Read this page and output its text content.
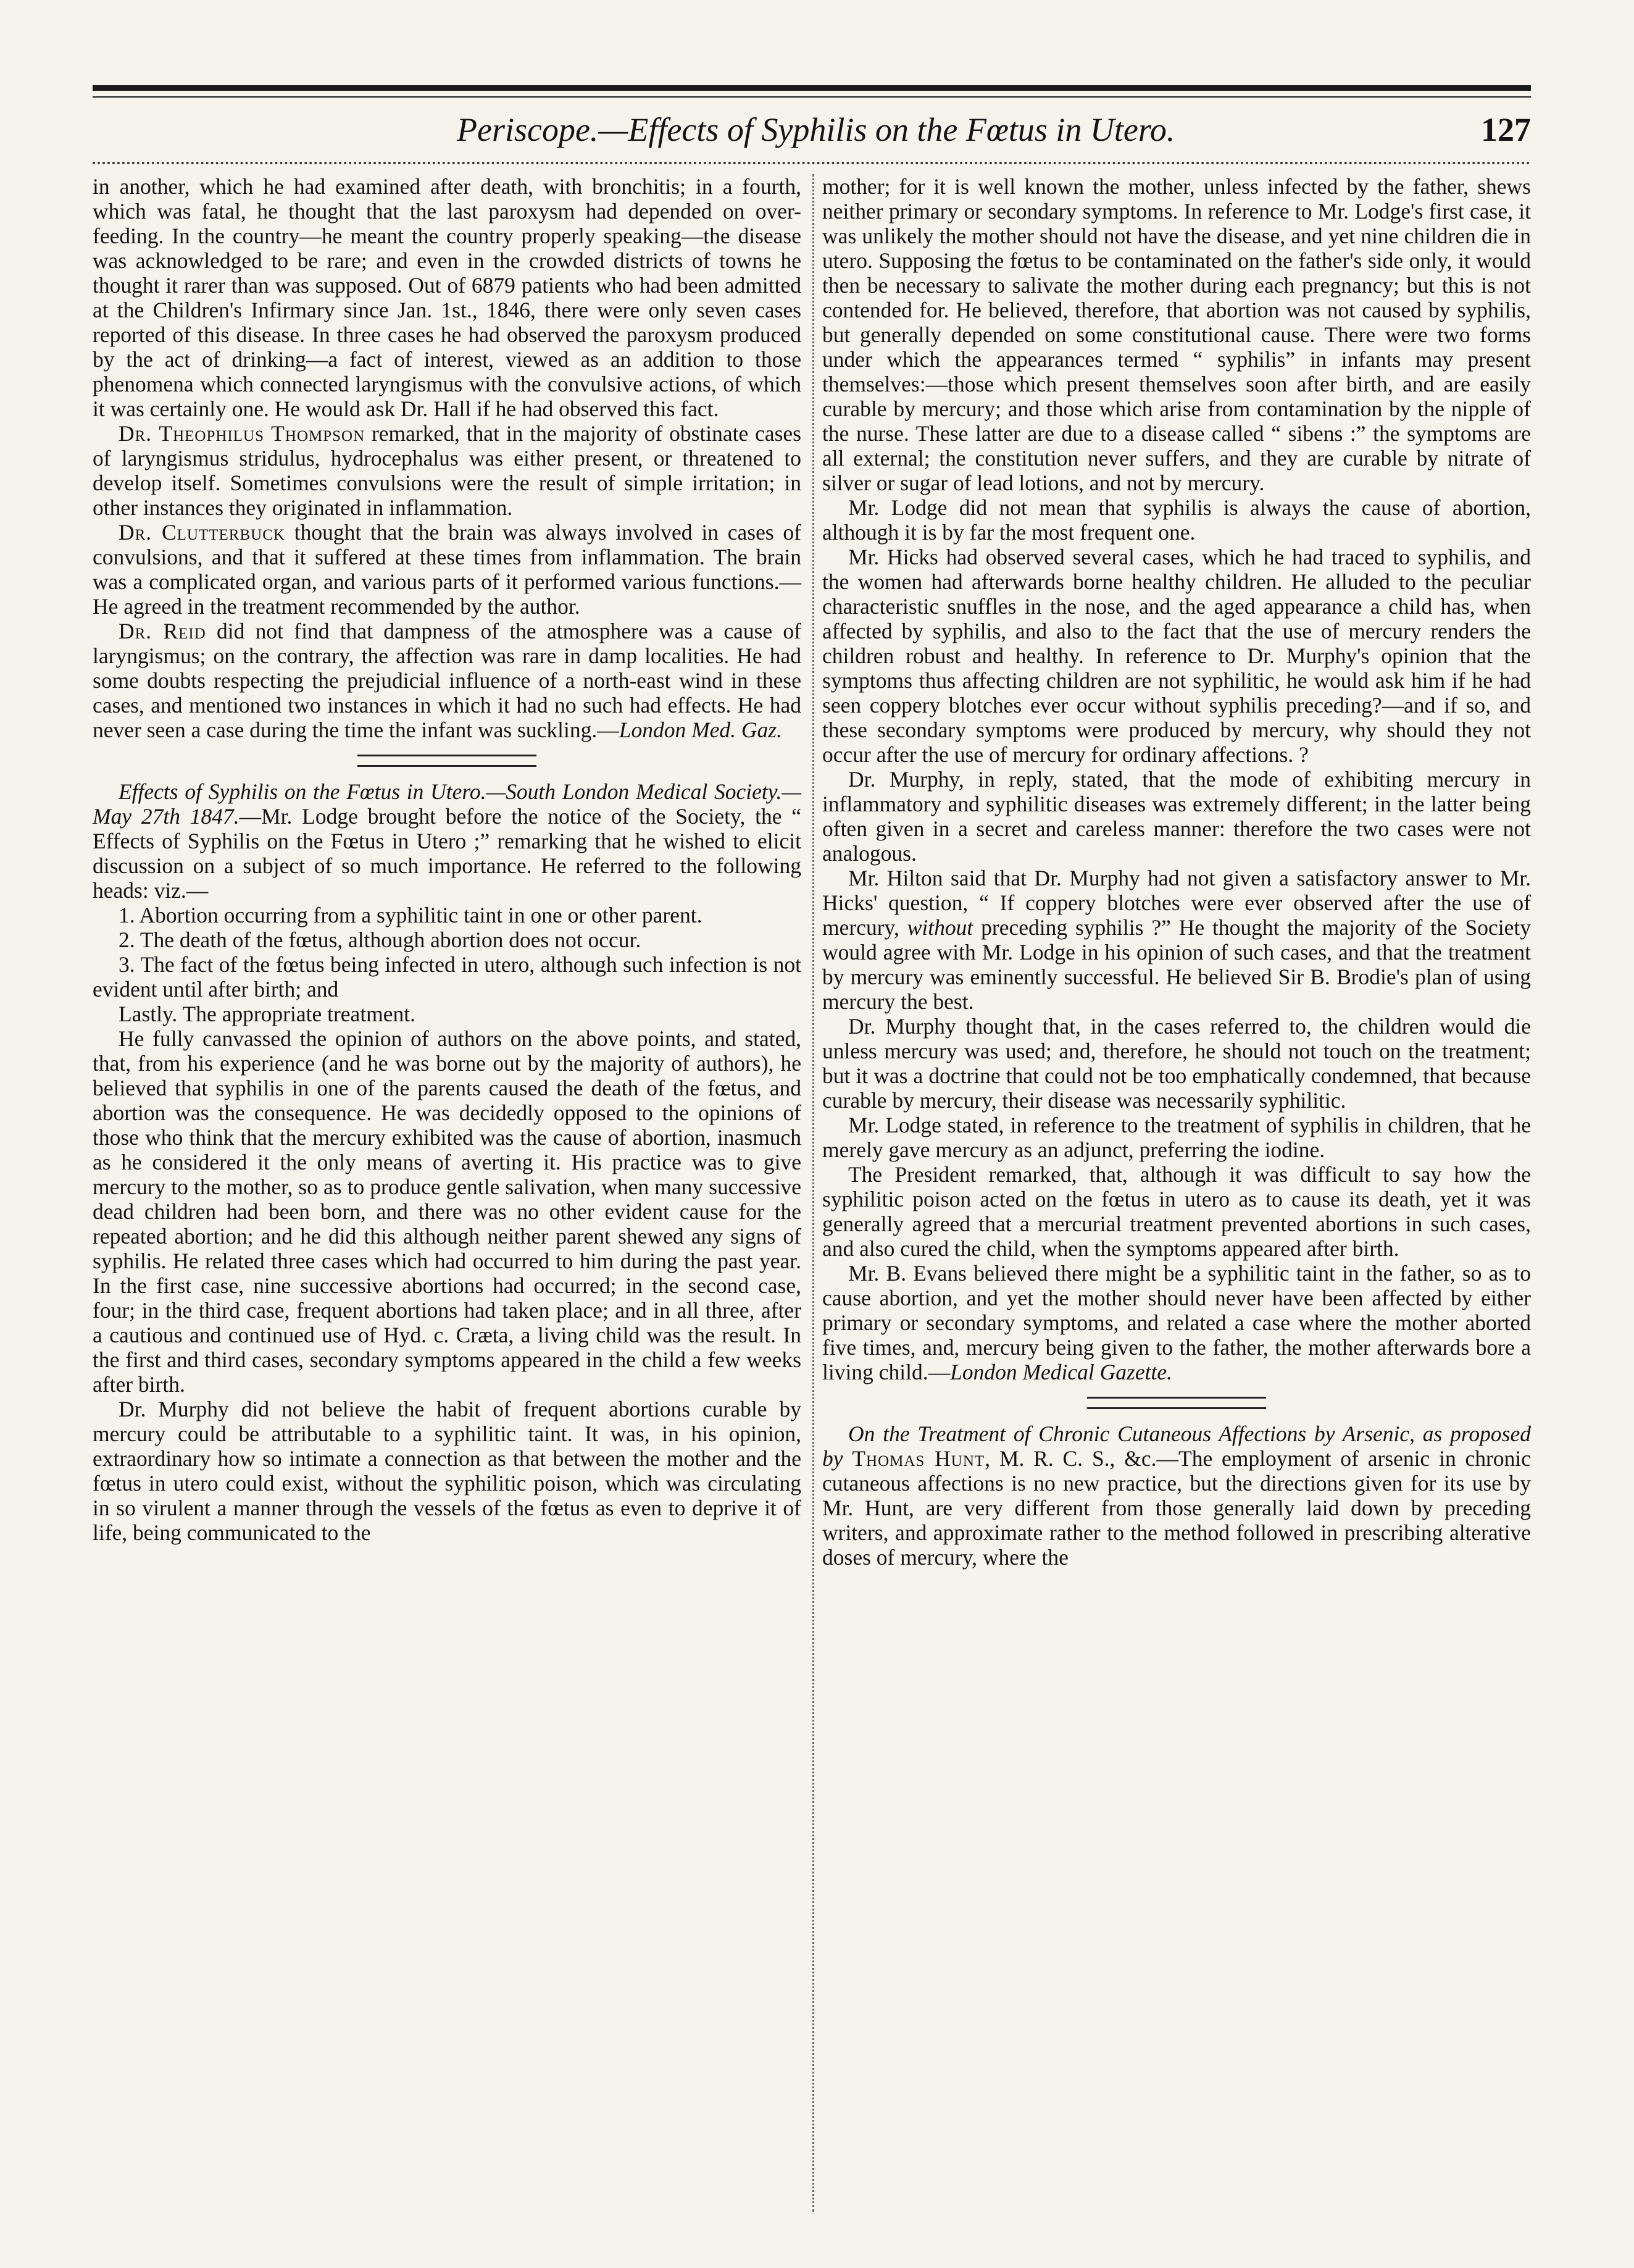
Periscope.—Effects of Syphilis on the Fœtus in Utero.	127

in another, which he had examined after death, with bronchitis; in a fourth, which was fatal, he thought that the last paroxysm had depended on over-feeding. In the country—he meant the country properly speaking—the disease was acknowledged to be rare; and even in the crowded districts of towns he thought it rarer than was supposed. Out of 6879 patients who had been admitted at the Children's Infirmary since Jan. 1st., 1846, there were only seven cases reported of this disease. In three cases he had observed the paroxysm produced by the act of drinking—a fact of interest, viewed as an addition to those phenomena which connected laryngismus with the convulsive actions, of which it was certainly one. He would ask Dr. Hall if he had observed this fact.

Dr. Theophilus Thompson remarked, that in the majority of obstinate cases of laryngismus stridulus, hydrocephalus was either present, or threatened to develop itself. Sometimes convulsions were the result of simple irritation; in other instances they originated in inflammation.

Dr. Clutterbuck thought that the brain was always involved in cases of convulsions, and that it suffered at these times from inflammation. The brain was a complicated organ, and various parts of it performed various functions.—He agreed in the treatment recommended by the author.

Dr. Reid did not find that dampness of the atmosphere was a cause of laryngismus; on the contrary, the affection was rare in damp localities. He had some doubts respecting the prejudicial influence of a north-east wind in these cases, and mentioned two instances in which it had no such had effects. He had never seen a case during the time the infant was suckling.—London Med. Gaz.

Effects of Syphilis on the Fœtus in Utero.—South London Medical Society.—May 27th 1847.—Mr. Lodge brought before the notice of the Society, the “ Effects of Syphilis on the Fœtus in Utero ;” remarking that he wished to elicit discussion on a subject of so much importance. He referred to the following heads: viz.—

1. Abortion occurring from a syphilitic taint in one or other parent.

2. The death of the fœtus, although abortion does not occur.

3. The fact of the fœtus being infected in utero, although such infection is not evident until after birth; and

Lastly. The appropriate treatment.

He fully canvassed the opinion of authors on the above points, and stated, that, from his experience (and he was borne out by the majority of authors), he believed that syphilis in one of the parents caused the death of the fœtus, and abortion was the consequence. He was decidedly opposed to the opinions of those who think that the mercury exhibited was the cause of abortion, inasmuch as he considered it the only means of averting it. His practice was to give mercury to the mother, so as to produce gentle salivation, when many successive dead children had been born, and there was no other evident cause for the repeated abortion; and he did this although neither parent shewed any signs of syphilis. He related three cases which had occurred to him during the past year. In the first case, nine successive abortions had occurred; in the second case, four; in the third case, frequent abortions had taken place; and in all three, after a cautious and continued use of Hyd. c. Cræta, a living child was the result. In the first and third cases, secondary symptoms appeared in the child a few weeks after birth.

Dr. Murphy did not believe the habit of frequent abortions curable by mercury could be attributable to a syphilitic taint. It was, in his opinion, extraordinary how so intimate a connection as that between the mother and the fœtus in utero could exist, without the syphilitic poison, which was circulating in so virulent a manner through the vessels of the fœtus as even to deprive it of life, being communicated to the

mother; for it is well known the mother, unless infected by the father, shews neither primary or secondary symptoms. In reference to Mr. Lodge's first case, it was unlikely the mother should not have the disease, and yet nine children die in utero. Supposing the fœtus to be contaminated on the father's side only, it would then be necessary to salivate the mother during each pregnancy; but this is not contended for. He believed, therefore, that abortion was not caused by syphilis, but generally depended on some constitutional cause. There were two forms under which the appearances termed “ syphilis” in infants may present themselves:—those which present themselves soon after birth, and are easily curable by mercury; and those which arise from contamination by the nipple of the nurse. These latter are due to a disease called “ sibens :” the symptoms are all external; the constitution never suffers, and they are curable by nitrate of silver or sugar of lead lotions, and not by mercury.

Mr. Lodge did not mean that syphilis is always the cause of abortion, although it is by far the most frequent one.

Mr. Hicks had observed several cases, which he had traced to syphilis, and the women had afterwards borne healthy children. He alluded to the peculiar characteristic snuffles in the nose, and the aged appearance a child has, when affected by syphilis, and also to the fact that the use of mercury renders the children robust and healthy. In reference to Dr. Murphy's opinion that the symptoms thus affecting children are not syphilitic, he would ask him if he had seen coppery blotches ever occur without syphilis preceding?—and if so, and these secondary symptoms were produced by mercury, why should they not occur after the use of mercury for ordinary affections. ?

Dr. Murphy, in reply, stated, that the mode of exhibiting mercury in inflammatory and syphilitic diseases was extremely different; in the latter being often given in a secret and careless manner: therefore the two cases were not analogous.

Mr. Hilton said that Dr. Murphy had not given a satisfactory answer to Mr. Hicks' question, “ If coppery blotches were ever observed after the use of mercury, without preceding syphilis ?” He thought the majority of the Society would agree with Mr. Lodge in his opinion of such cases, and that the treatment by mercury was eminently successful. He believed Sir B. Brodie's plan of using mercury the best.

Dr. Murphy thought that, in the cases referred to, the children would die unless mercury was used; and, therefore, he should not touch on the treatment; but it was a doctrine that could not be too emphatically condemned, that because curable by mercury, their disease was necessarily syphilitic.

Mr. Lodge stated, in reference to the treatment of syphilis in children, that he merely gave mercury as an adjunct, preferring the iodine.

The President remarked, that, although it was difficult to say how the syphilitic poison acted on the fœtus in utero as to cause its death, yet it was generally agreed that a mercurial treatment prevented abortions in such cases, and also cured the child, when the symptoms appeared after birth.

Mr. B. Evans believed there might be a syphilitic taint in the father, so as to cause abortion, and yet the mother should never have been affected by either primary or secondary symptoms, and related a case where the mother aborted five times, and, mercury being given to the father, the mother afterwards bore a living child.—London Medical Gazette.

On the Treatment of Chronic Cutaneous Affections by Arsenic, as proposed by Thomas Hunt, M. R. C. S., &c.—The employment of arsenic in chronic cutaneous affections is no new practice, but the directions given for its use by Mr. Hunt, are very different from those generally laid down by preceding writers, and approximate rather to the method followed in prescribing alterative doses of mercury, where the
